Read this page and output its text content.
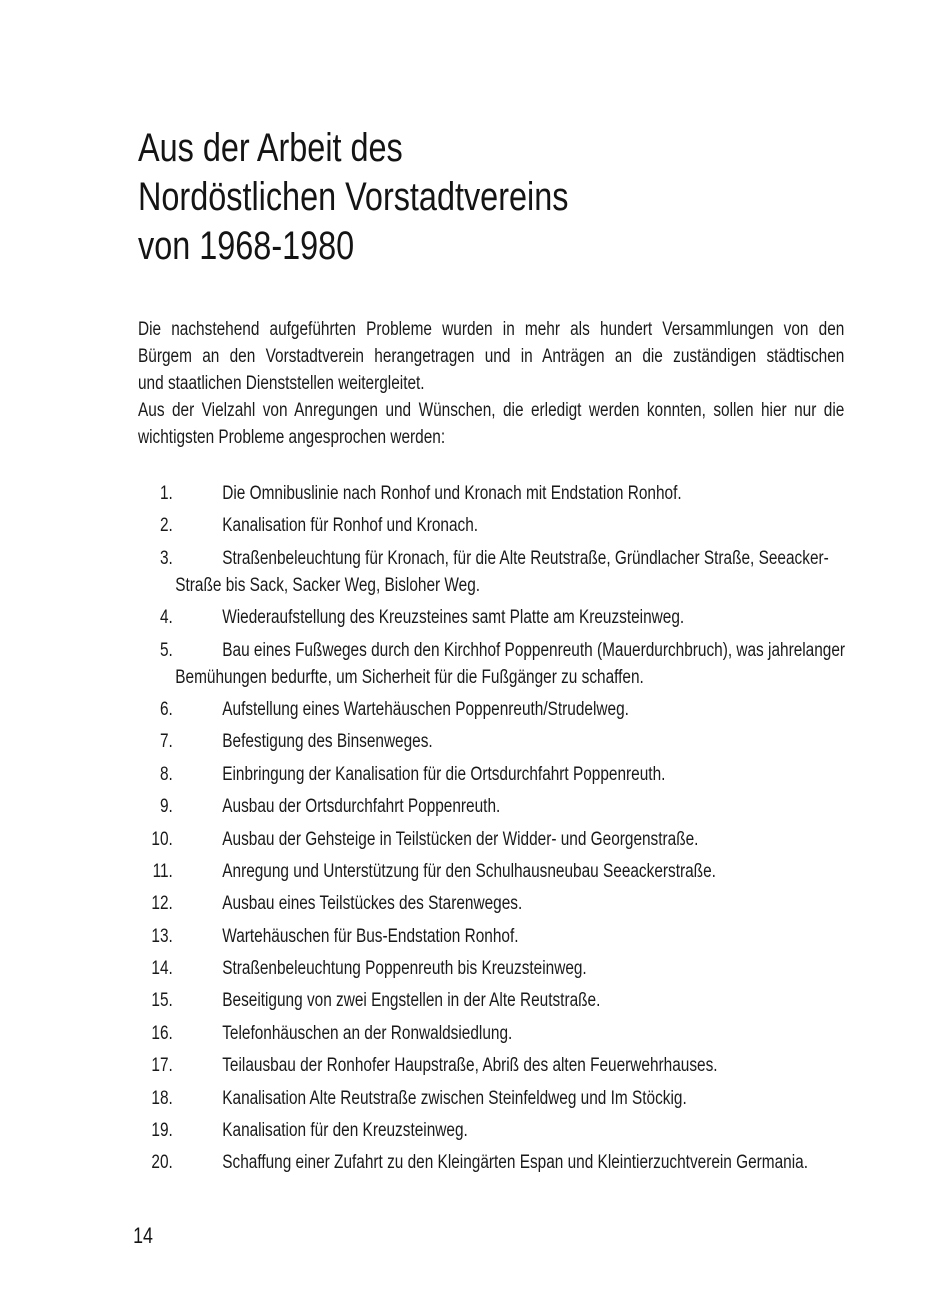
Aus der Arbeit des
Nordöstlichen Vorstadtvereins
von 1968-1980
Die nachstehend aufgeführten Probleme wurden in mehr als hundert Versammlungen von den
Bürgem an den Vorstadtverein herangetragen und in Anträgen an die zuständigen städtischen
und staatlichen Dienststellen weitergleitet.
Aus der Vielzahl von Anregungen und Wünschen, die erledigt werden konnten, sollen hier nur die
wichtigsten Probleme angesprochen werden:
1.	Die Omnibuslinie nach Ronhof und Kronach mit Endstation Ronhof.
2.	Kanalisation für Ronhof und Kronach.
3.	Straßenbeleuchtung für Kronach, für die Alte Reutstraße, Gründlacher Straße, Seeacker-
Straße bis Sack, Sacker Weg, Bisloher Weg.
4.	Wiederaufstellung des Kreuzsteines samt Platte am Kreuzsteinweg.
5.	Bau eines Fußweges durch den Kirchhof Poppenreuth (Mauerdurchbruch), was jahrelanger
Bemühungen bedurfte, um Sicherheit für die Fußgänger zu schaffen.
6.	Aufstellung eines Wartehäuschen Poppenreuth/Strudelweg.
7.	Befestigung des Binsenweges.
8.	Einbringung der Kanalisation für die Ortsdurchfahrt Poppenreuth.
9.	Ausbau der Ortsdurchfahrt Poppenreuth.
10.	Ausbau der Gehsteige in Teilstücken der Widder- und Georgenstraße.
11.	Anregung und Unterstützung für den Schulhausneubau Seeackerstraße.
12.	Ausbau eines Teilstückes des Starenweges.
13.	Wartehäuschen für Bus-Endstation Ronhof.
14.	Straßenbeleuchtung Poppenreuth bis Kreuzsteinweg.
15.	Beseitigung von zwei Engstellen in der Alte Reutstraße.
16.	Telefonhäuschen an der Ronwaldsiedlung.
17.	Teilausbau der Ronhofer Haupstraße, Abriß des alten Feuerwehrhauses.
18.	Kanalisation Alte Reutstraße zwischen Steinfeldweg und Im Stöckig.
19.	Kanalisation für den Kreuzsteinweg.
20.	Schaffung einer Zufahrt zu den Kleingärten Espan und Kleintierzuchtverein Germania.
14
